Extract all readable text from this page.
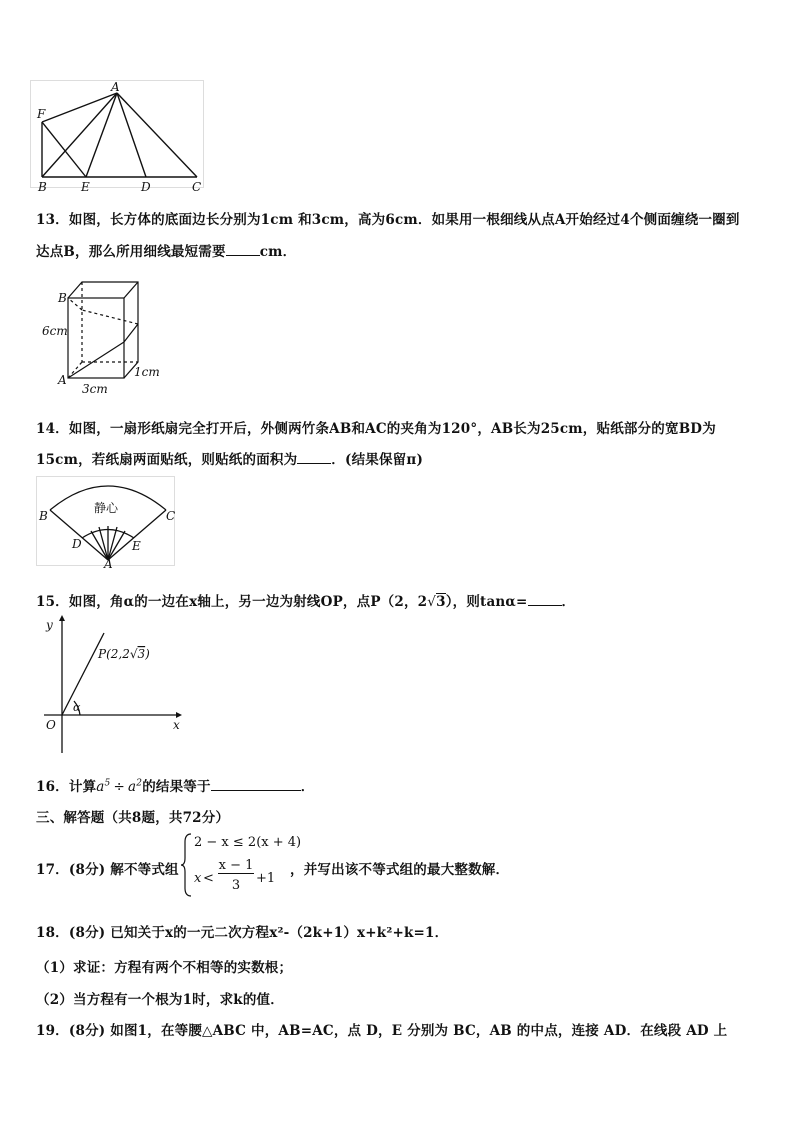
A
F
B	E	D	C
13．如图，长方体的底面边长分别为1cm 和3cm，高为6cm．如果用一根细线从点A开始经过4个侧面缠绕一圈到
达点B，那么所用细线最短需要	cm．
B
6cm
A
3cm
1cm
14．如图，一扇形纸扇完全打开后，外侧两竹条AB和AC的夹角为120°，AB长为25cm，贴纸部分的宽BD为
15cm，若纸扇两面贴纸，则贴纸的面积为	．(结果保留π)
静心
B	C
D	E
A
15．如图，角α的一边在x轴上，另一边为射线OP，点P（2，2√3），则tanα=	．
y
x
O
α
P(2,2√3)
16．计算$a^5 \div a^2$的结果等于	．
三、解答题（共8题，共72分）
17．(8分) 解不等式组
2 − x ≤ 2(x + 4)
x <
x − 1
3	+1
，并写出该不等式组的最大整数解．
18．(8分) 已知关于x的一元二次方程x²-（2k+1）x+k²+k=1．
（1）求证：方程有两个不相等的实数根；
（2）当方程有一个根为1时，求k的值．
19．(8分) 如图1，在等腰△ABC 中，AB=AC，点 D，E 分别为 BC，AB 的中点，连接 AD．在线段 AD 上
